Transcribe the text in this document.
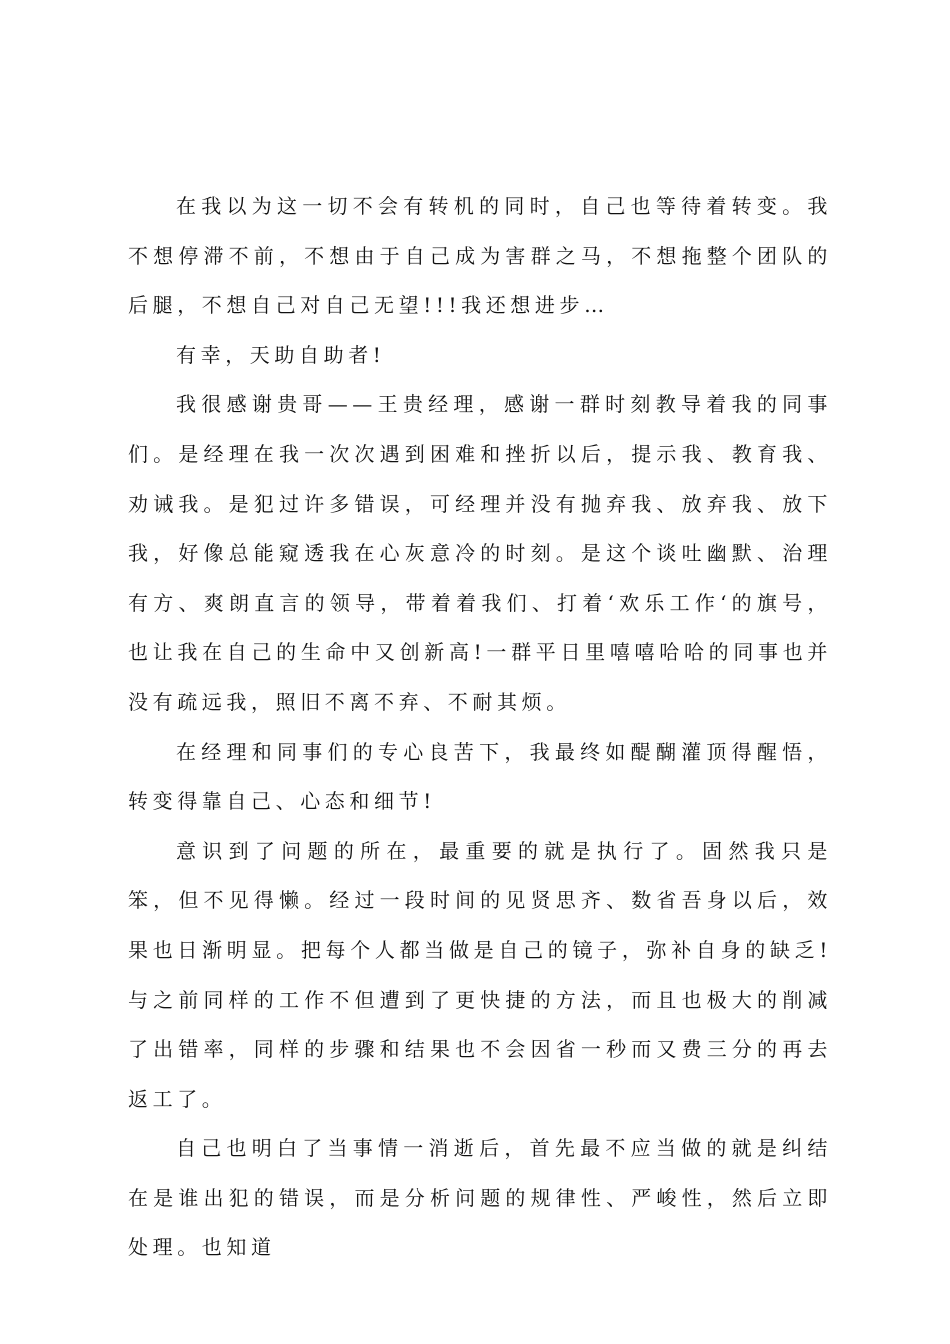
在我以为这一切不会有转机的同时，自己也等待着转变。我不想停滞不前，不想由于自己成为害群之马，不想拖整个团队的后腿，不想自己对自己无望!!!我还想进步…

有幸，天助自助者!

我很感谢贵哥——王贵经理，感谢一群时刻教导着我的同事们。是经理在我一次次遇到困难和挫折以后，提示我、教育我、劝诫我。是犯过许多错误，可经理并没有抛弃我、放弃我、放下我，好像总能窥透我在心灰意冷的时刻。是这个谈吐幽默、治理有方、爽朗直言的领导，带着着我们、打着‘欢乐工作‘的旗号，也让我在自己的生命中又创新高!一群平日里嘻嘻哈哈的同事也并没有疏远我，照旧不离不弃、不耐其烦。

在经理和同事们的专心良苦下，我最终如醍醐灌顶得醒悟，转变得靠自己、心态和细节!

意识到了问题的所在，最重要的就是执行了。固然我只是笨，但不见得懒。经过一段时间的见贤思齐、数省吾身以后，效果也日渐明显。把每个人都当做是自己的镜子，弥补自身的缺乏!与之前同样的工作不但遭到了更快捷的方法，而且也极大的削减了出错率，同样的步骤和结果也不会因省一秒而又费三分的再去返工了。

自己也明白了当事情一消逝后，首先最不应当做的就是纠结在是谁出犯的错误，而是分析问题的规律性、严峻性，然后立即处理。也知道
